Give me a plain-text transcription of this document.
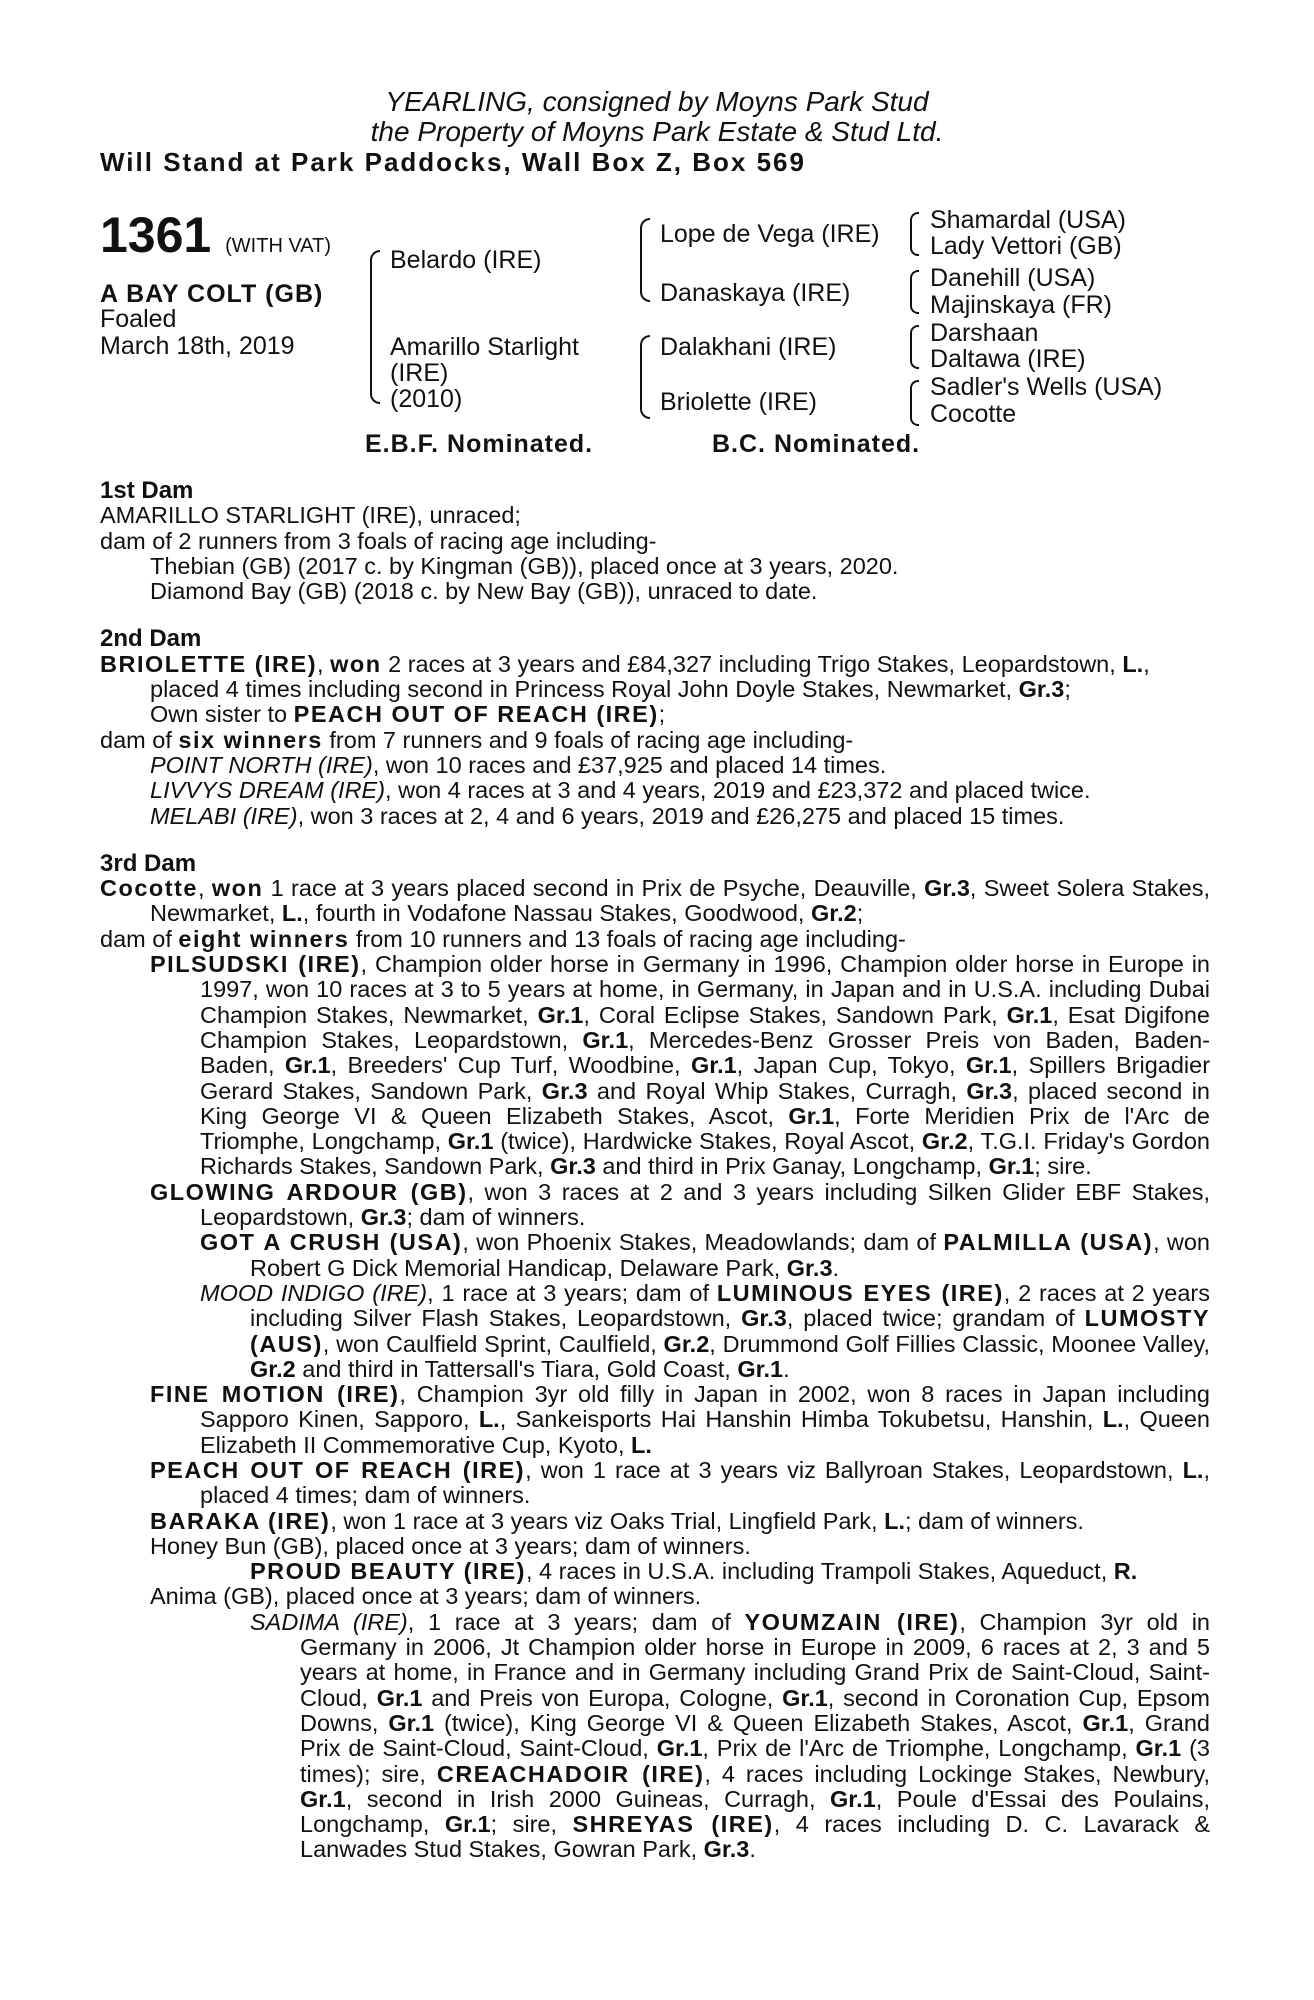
YEARLING, consigned by Moyns Park Stud
the Property of Moyns Park Estate & Stud Ltd.
Will Stand at Park Paddocks, Wall Box Z, Box 569
1361 (WITH VAT)
A BAY COLT (GB)
Foaled
March 18th, 2019
Belardo (IRE)
Amarillo Starlight
(IRE)
(2010)
Lope de Vega (IRE)
Danaskaya (IRE)
Dalakhani (IRE)
Briolette (IRE)
Shamardal (USA)
Lady Vettori (GB)
Danehill (USA)
Majinskaya (FR)
Darshaan
Daltawa (IRE)
Sadler's Wells (USA)
Cocotte
E.B.F. Nominated.	B.C. Nominated.

1st Dam

AMARILLO STARLIGHT (IRE), unraced;

dam of 2 runners from 3 foals of racing age including-

Thebian (GB) (2017 c. by Kingman (GB)), placed once at 3 years, 2020.

Diamond Bay (GB) (2018 c. by New Bay (GB)), unraced to date.

2nd Dam

BRIOLETTE (IRE), won 2 races at 3 years and £84,327 including Trigo Stakes, Leopardstown, L., placed 4 times including second in Princess Royal John Doyle Stakes, Newmarket, Gr.3;

Own sister to PEACH OUT OF REACH (IRE);

dam of six winners from 7 runners and 9 foals of racing age including-

POINT NORTH (IRE), won 10 races and £37,925 and placed 14 times.

LIVVYS DREAM (IRE), won 4 races at 3 and 4 years, 2019 and £23,372 and placed twice.

MELABI (IRE), won 3 races at 2, 4 and 6 years, 2019 and £26,275 and placed 15 times.

3rd Dam

Cocotte, won 1 race at 3 years placed second in Prix de Psyche, Deauville, Gr.3, Sweet Solera Stakes, Newmarket, L., fourth in Vodafone Nassau Stakes, Goodwood, Gr.2;

dam of eight winners from 10 runners and 13 foals of racing age including-

PILSUDSKI (IRE), Champion older horse in Germany in 1996, Champion older horse in Europe in 1997, won 10 races at 3 to 5 years at home, in Germany, in Japan and in U.S.A. including Dubai Champion Stakes, Newmarket, Gr.1, Coral Eclipse Stakes, Sandown Park, Gr.1, Esat Digifone Champion Stakes, Leopardstown, Gr.1, Mercedes-Benz Grosser Preis von Baden, Baden-Baden, Gr.1, Breeders' Cup Turf, Woodbine, Gr.1, Japan Cup, Tokyo, Gr.1, Spillers Brigadier Gerard Stakes, Sandown Park, Gr.3 and Royal Whip Stakes, Curragh, Gr.3, placed second in King George VI & Queen Elizabeth Stakes, Ascot, Gr.1, Forte Meridien Prix de l'Arc de Triomphe, Longchamp, Gr.1 (twice), Hardwicke Stakes, Royal Ascot, Gr.2, T.G.I. Friday's Gordon Richards Stakes, Sandown Park, Gr.3 and third in Prix Ganay, Longchamp, Gr.1; sire.

GLOWING ARDOUR (GB), won 3 races at 2 and 3 years including Silken Glider EBF Stakes, Leopardstown, Gr.3; dam of winners.

GOT A CRUSH (USA), won Phoenix Stakes, Meadowlands; dam of PALMILLA (USA), won Robert G Dick Memorial Handicap, Delaware Park, Gr.3.

MOOD INDIGO (IRE), 1 race at 3 years; dam of LUMINOUS EYES (IRE), 2 races at 2 years including Silver Flash Stakes, Leopardstown, Gr.3, placed twice; grandam of LUMOSTY (AUS), won Caulfield Sprint, Caulfield, Gr.2, Drummond Golf Fillies Classic, Moonee Valley, Gr.2 and third in Tattersall's Tiara, Gold Coast, Gr.1.

FINE MOTION (IRE), Champion 3yr old filly in Japan in 2002, won 8 races in Japan including Sapporo Kinen, Sapporo, L., Sankeisports Hai Hanshin Himba Tokubetsu, Hanshin, L., Queen Elizabeth II Commemorative Cup, Kyoto, L.

PEACH OUT OF REACH (IRE), won 1 race at 3 years viz Ballyroan Stakes, Leopardstown, L., placed 4 times; dam of winners.

BARAKA (IRE), won 1 race at 3 years viz Oaks Trial, Lingfield Park, L.; dam of winners.

Honey Bun (GB), placed once at 3 years; dam of winners.

PROUD BEAUTY (IRE), 4 races in U.S.A. including Trampoli Stakes, Aqueduct, R.

Anima (GB), placed once at 3 years; dam of winners.

SADIMA (IRE), 1 race at 3 years; dam of YOUMZAIN (IRE), Champion 3yr old in Germany in 2006, Jt Champion older horse in Europe in 2009, 6 races at 2, 3 and 5 years at home, in France and in Germany including Grand Prix de Saint-Cloud, Saint-Cloud, Gr.1 and Preis von Europa, Cologne, Gr.1, second in Coronation Cup, Epsom Downs, Gr.1 (twice), King George VI & Queen Elizabeth Stakes, Ascot, Gr.1, Grand Prix de Saint-Cloud, Saint-Cloud, Gr.1, Prix de l'Arc de Triomphe, Longchamp, Gr.1 (3 times); sire, CREACHADOIR (IRE), 4 races including Lockinge Stakes, Newbury, Gr.1, second in Irish 2000 Guineas, Curragh, Gr.1, Poule d'Essai des Poulains, Longchamp, Gr.1; sire, SHREYAS (IRE), 4 races including D. C. Lavarack & Lanwades Stud Stakes, Gowran Park, Gr.3.
